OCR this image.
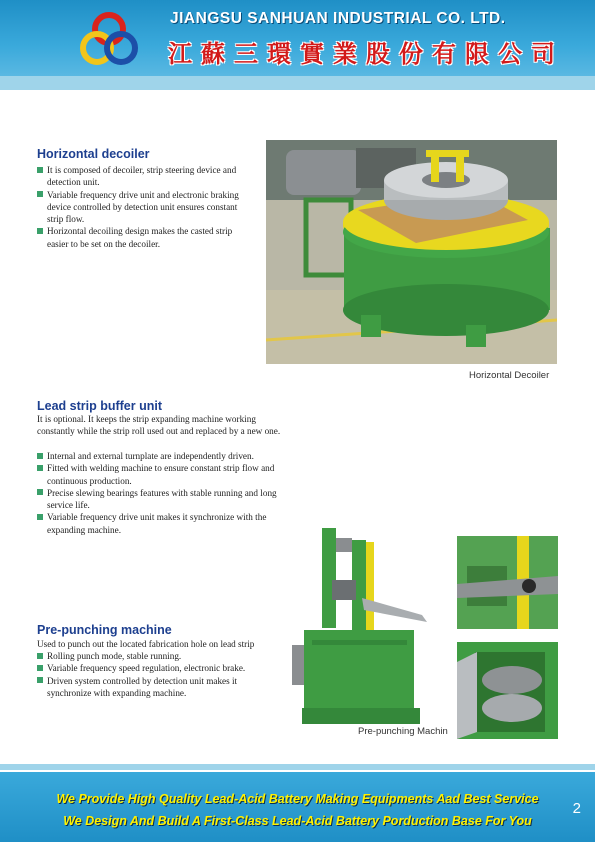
JIANGSU SANHUAN INDUSTRIAL CO. LTD.
江蘇三環實業股份有限公司
Horizontal decoiler
It is composed of decoiler, strip steering device and detection unit.
Variable frequency drive unit and electronic braking device controlled by detection unit ensures constant strip flow.
Horizontal decoiling design makes the casted strip easier to be set on the decoiler.
Horizontal Decoiler
Lead strip buffer unit

It is optional. It keeps the strip expanding machine working constantly while the strip roll used out and replaced by a new one.

Internal and external turnplate are independently driven.
Fitted with welding machine to ensure constant strip flow and continuous production.
Precise slewing bearings features with stable running and long service life.
Variable frequency drive unit makes it synchronize with the expanding machine.
Pre-punching machine

Used to punch out the located fabrication hole on lead strip

Rolling punch mode, stable running.
Variable frequency speed regulation, electronic brake.
Driven system controlled by detection unit makes it synchronize with expanding machine.
Pre-punching Machin
We Provide High Quality Lead-Acid Battery Making Equipments Aad Best Service
We Design And Build A First-Class Lead-Acid Battery Porduction Base For You
2
